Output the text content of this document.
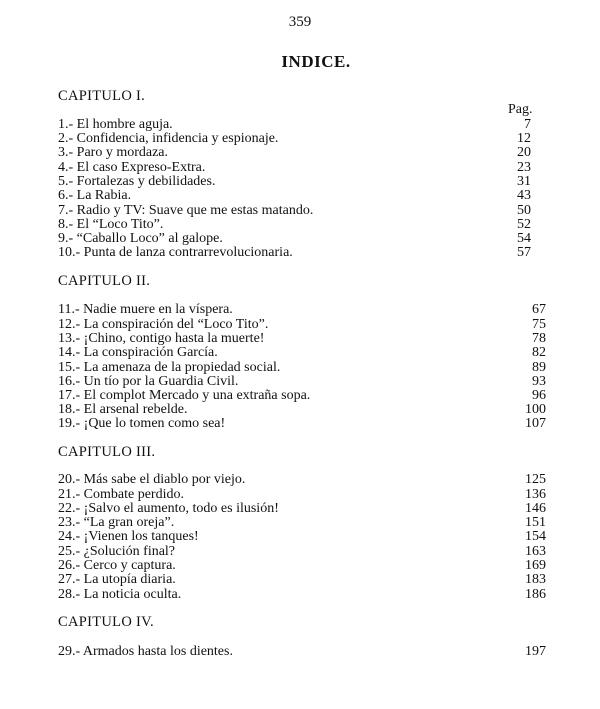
359
INDICE.
CAPITULO I.
Pag.
1.- El hombre aguja.	7
2.- Confidencia, infidencia y espionaje.	12
3.- Paro y mordaza.	20
4.- El caso Expreso-Extra.	23
5.- Fortalezas y debilidades.	31
6.- La Rabia.	43
7.- Radio y TV: Suave que me estas matando.	50
8.- El “Loco Tito”.	52
9.- “Caballo Loco” al galope.	54
10.- Punta de lanza contrarrevolucionaria.	57
CAPITULO II.
11.- Nadie muere en la víspera.	67
12.- La conspiración del “Loco Tito”.	75
13.- ¡Chino, contigo hasta la muerte!	78
14.- La conspiración García.	82
15.- La amenaza de la propiedad social.	89
16.- Un tío por la Guardia Civil.	93
17.- El complot Mercado y una extraña sopa.	96
18.- El arsenal rebelde.	100
19.- ¡Que lo tomen como sea!	107
CAPITULO III.
20.- Más sabe el diablo por viejo.	125
21.- Combate perdido.	136
22.- ¡Salvo el aumento, todo es ilusión!	146
23.- “La gran oreja”.	151
24.- ¡Vienen los tanques!	154
25.- ¿Solución final?	163
26.- Cerco y captura.	169
27.- La utopía diaria.	183
28.- La noticia oculta.	186
CAPITULO IV.
29.- Armados hasta los dientes.	197
